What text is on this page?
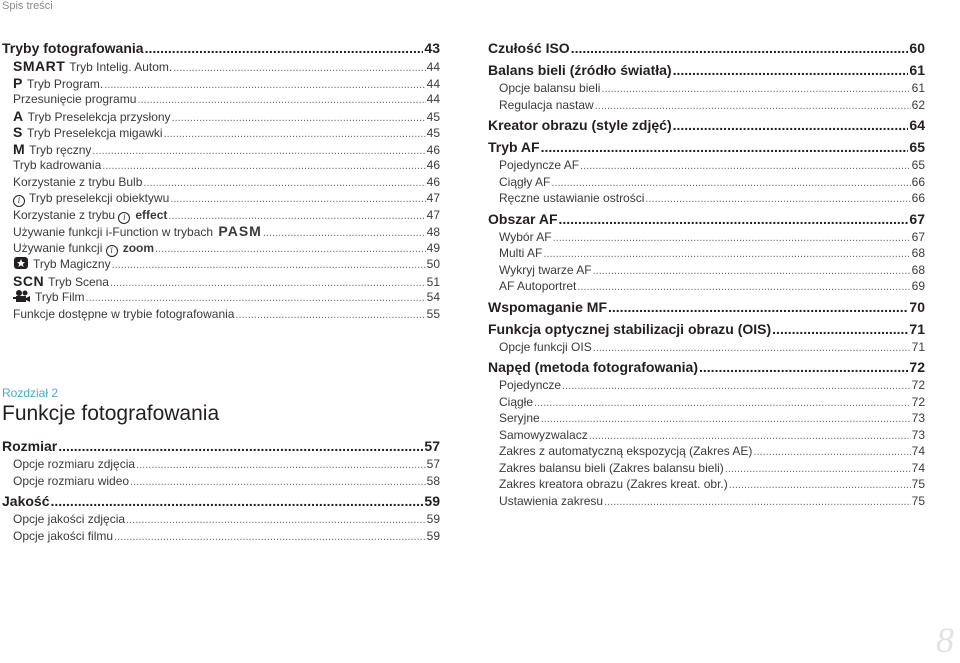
Spis treści
Tryby fotografowania .....	43
SMART Tryb Intelig. Autom. .....	44
P Tryb Program. .....	44
Przesunięcie programu .....	44
A Tryb Preselekcja przysłony .....	45
S Tryb Preselekcja migawki .....	45
M Tryb ręczny .....	46
Tryb kadrowania .....	46
Korzystanie z trybu Bulb .....	46
i Tryb preselekcji obiektywu .....	47
Korzystanie z trybu i effect .....	47
Używanie funkcji i-Function w trybach PASM .....	48
Używanie funkcji i zoom .....	49
Tryb Magiczny .....	50
SCN Tryb Scena .....	51
Tryb Film .....	54
Funkcje dostępne w trybie fotografowania .....	55
Rozdział 2
Funkcje fotografowania
Rozmiar .....	57
Opcje rozmiaru zdjęcia .....	57
Opcje rozmiaru wideo .....	58
Jakość .....	59
Opcje jakości zdjęcia .....	59
Opcje jakości filmu .....	59
Czułość ISO .....	60
Balans bieli (źródło światła) .....	61
Opcje balansu bieli .....	61
Regulacja nastaw .....	62
Kreator obrazu (style zdjęć) .....	64
Tryb AF .....	65
Pojedyncze AF .....	65
Ciągły AF .....	66
Ręczne ustawianie ostrości .....	66
Obszar AF .....	67
Wybór AF .....	67
Multi AF .....	68
Wykryj twarze AF .....	68
AF Autoportret .....	69
Wspomaganie MF .....	70
Funkcja optycznej stabilizacji obrazu (OIS) .....	71
Opcje funkcji OIS .....	71
Napęd (metoda fotografowania) .....	72
Pojedyncze .....	72
Ciągłe .....	72
Seryjne .....	73
Samowyzwalacz .....	73
Zakres z automatyczną ekspozycją (Zakres AE) .....	74
Zakres balansu bieli (Zakres balansu bieli) .....	74
Zakres kreatora obrazu (Zakres kreat. obr.) .....	75
Ustawienia zakresu .....	75
8
